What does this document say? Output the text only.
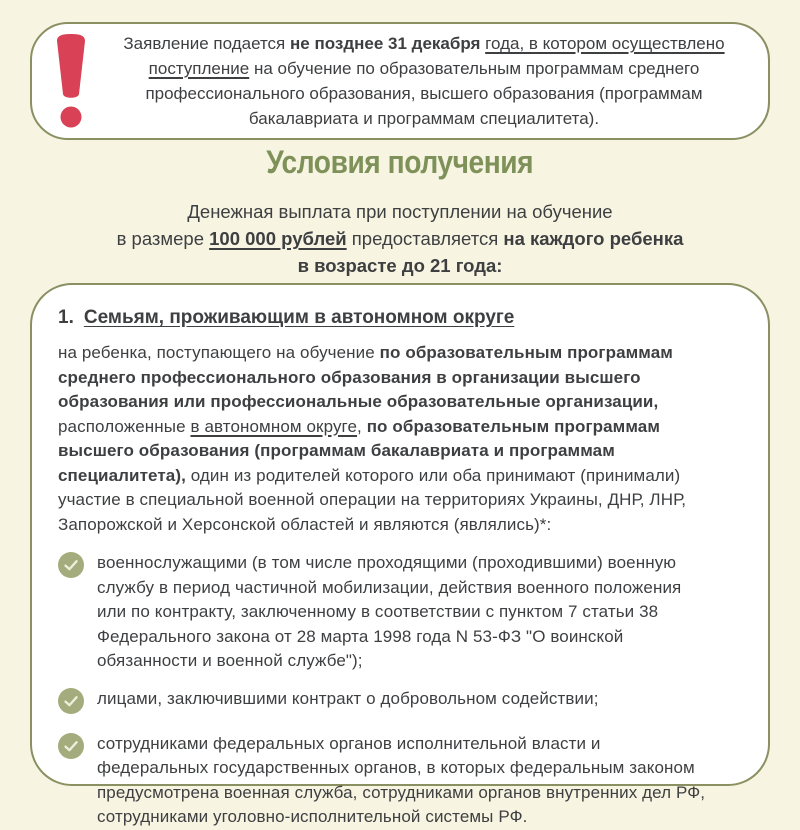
Заявление подается не позднее 31 декабря года, в котором осуществлено поступление на обучение по образовательным программам среднего профессионального образования, высшего образования (программам бакалавриата и программам специалитета).

Условия получения

Денежная выплата при поступлении на обучение
в размере 100 000 рублей предоставляется на каждого ребенка
в возрасте до 21 года:

1. Семьям, проживающим в автономном округе

на ребенка, поступающего на обучение по образовательным программам среднего профессионального образования в организации высшего образования или профессиональные образовательные организации, расположенные в автономном округе, по образовательным программам высшего образования (программам бакалавриата и программам специалитета), один из родителей которого или оба принимают (принимали) участие в специальной военной операции на территориях Украины, ДНР, ЛНР, Запорожской и Херсонской областей и являются (являлись)*:

военнослужащими (в том числе проходящими (проходившими) военную службу в период частичной мобилизации, действия военного положения или по контракту, заключенному в соответствии с пунктом 7 статьи 38 Федерального закона от 28 марта 1998 года N 53-ФЗ "О воинской обязанности и военной службе");
лицами, заключившими контракт о добровольном содействии;
сотрудниками федеральных органов исполнительной власти и федеральных государственных органов, в которых федеральным законом предусмотрена военная служба, сотрудниками органов внутренних дел РФ, сотрудниками уголовно-исполнительной системы РФ.
